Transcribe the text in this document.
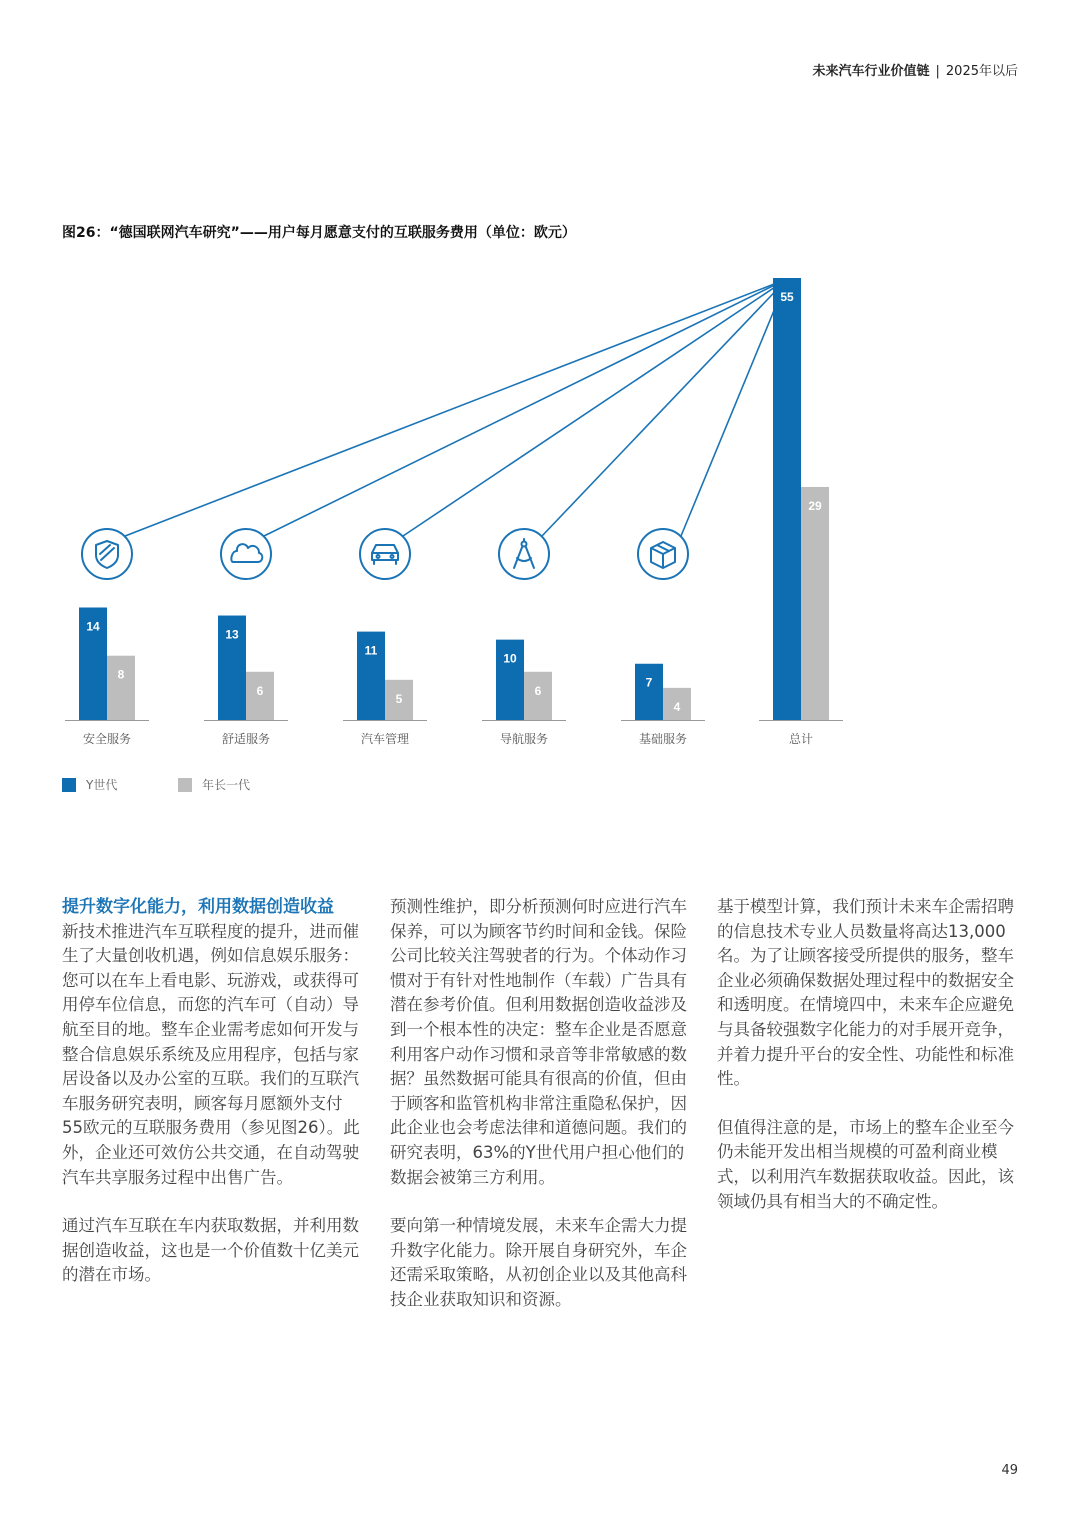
未来汽车行业价值链 | 2025年以后
图26：“德国联网汽车研究”——用户每月愿意支付的互联服务费用（单位：欧元）
14
8
安全服务
13
6
舒适服务
11
5
汽车管理
10
6
导航服务
7
4
基础服务
55
29
总计
Y世代	年长一代
提升数字化能力，利用数据创造收益

新技术推进汽车互联程度的提升，进而催生了大量创收机遇，例如信息娱乐服务：您可以在车上看电影、玩游戏，或获得可用停车位信息，而您的汽车可（自动）导航至目的地。整车企业需考虑如何开发与整合信息娱乐系统及应用程序，包括与家居设备以及办公室的互联。我们的互联汽车服务研究表明，顾客每月愿额外支付55欧元的互联服务费用（参见图26）。此外，企业还可效仿公共交通，在自动驾驶汽车共享服务过程中出售广告。

通过汽车互联在车内获取数据，并利用数据创造收益，这也是一个价值数十亿美元的潜在市场。

预测性维护，即分析预测何时应进行汽车保养，可以为顾客节约时间和金钱。保险公司比较关注驾驶者的行为。个体动作习惯对于有针对性地制作（车载）广告具有潜在参考价值。但利用数据创造收益涉及到一个根本性的决定：整车企业是否愿意利用客户动作习惯和录音等非常敏感的数据？虽然数据可能具有很高的价值，但由于顾客和监管机构非常注重隐私保护，因此企业也会考虑法律和道德问题。我们的研究表明，63%的Y世代用户担心他们的数据会被第三方利用。

要向第一种情境发展，未来车企需大力提升数字化能力。除开展自身研究外，车企还需采取策略，从初创企业以及其他高科技企业获取知识和资源。

基于模型计算，我们预计未来车企需招聘的信息技术专业人员数量将高达13,000名。为了让顾客接受所提供的服务，整车企业必须确保数据处理过程中的数据安全和透明度。在情境四中，未来车企应避免与具备较强数字化能力的对手展开竞争，并着力提升平台的安全性、功能性和标准性。

但值得注意的是，市场上的整车企业至今仍未能开发出相当规模的可盈利商业模式，以利用汽车数据获取收益。因此，该领域仍具有相当大的不确定性。

49
